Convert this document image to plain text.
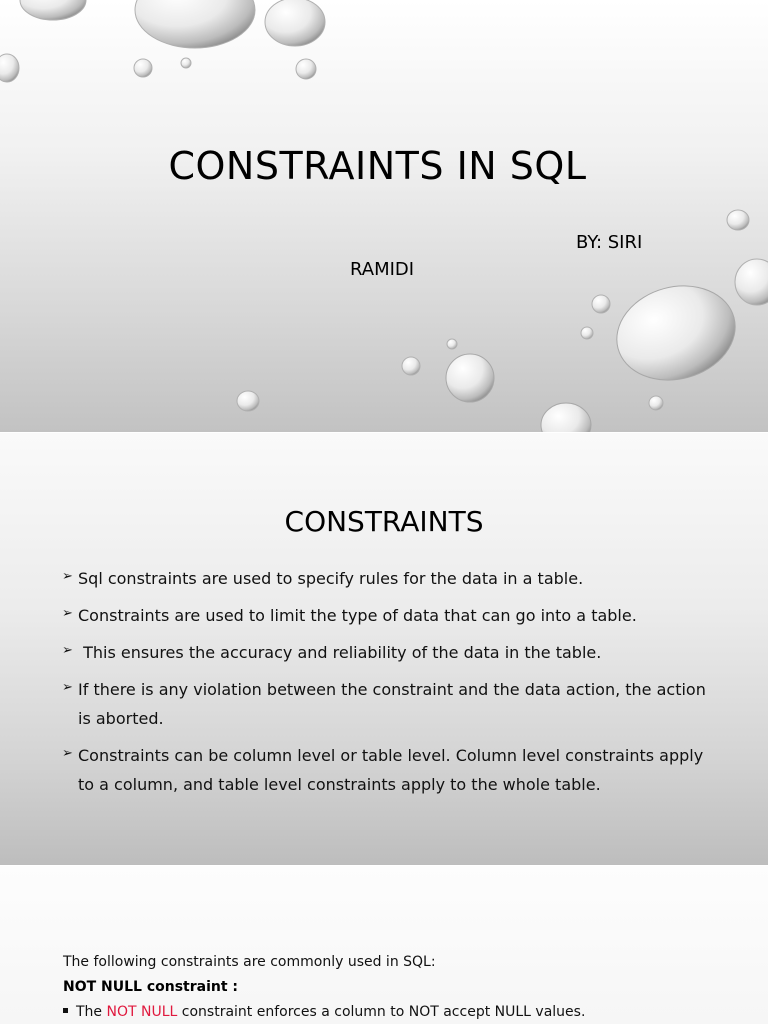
CONSTRAINTS IN SQL
BY: SIRI
RAMIDI
CONSTRAINTS
➢ Sql constraints are used to specify rules for the data in a table.
➢ Constraints are used to limit the type of data that can go into a table.
➢ This ensures the accuracy and reliability of the data in the table.
➢ If there is any violation between the constraint and the data action, the action is aborted.
➢ Constraints can be column level or table level. Column level constraints apply to a column, and table level constraints apply to the whole table.
The following constraints are commonly used in SQL:
NOT NULL constraint :
The NOT NULL constraint enforces a column to NOT accept NULL values.
